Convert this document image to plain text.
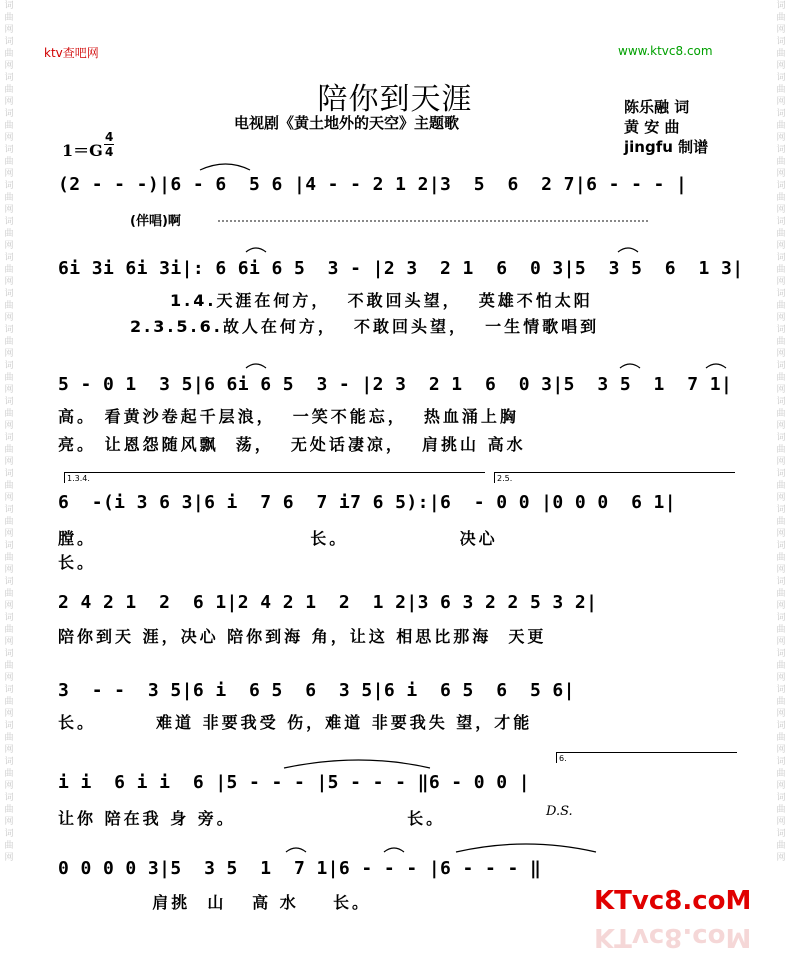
词曲网词曲网词曲网词曲网词曲网词曲网词曲网词曲网词曲网词曲网词曲网词曲网词曲网词曲网词曲网词曲网词曲网词曲网词曲网词曲网词曲网词曲网词曲网词曲网
词曲网词曲网词曲网词曲网词曲网词曲网词曲网词曲网词曲网词曲网词曲网词曲网词曲网词曲网词曲网词曲网词曲网词曲网词曲网词曲网词曲网词曲网词曲网词曲网
ktv查吧网	www.ktvc8.com
陪你到天涯
电视剧《黄土地外的天空》主题歌
陈乐融 词
黄 安 曲
jingfu 制谱
1＝G
4
4
(2 - - -)|6 - 6  5 6 |4 - - 2 1 2|3  5  6  2 7|6 - - - |
(伴唱)啊
6i 3i 6i 3i|: 6 6i 6 5  3 - |2 3  2 1  6  0 3|5  3 5  6  1 3|
1.4.天涯在何方，  不敢回头望，  英雄不怕太阳
2.3.5.6.故人在何方，  不敢回头望，  一生情歌唱到
5 - 0 1  3 5|6 6i 6 5  3 - |2 3  2 1  6  0 3|5  3 5  1  7 1|
高。 看黄沙卷起千层浪，  一笑不能忘，  热血涌上胸
亮。 让恩怨随风飘  荡，  无处话凄凉，  肩挑山 高水
1.3.4.	2.5.
6  -(i 3 6 3|6 i  7 6  7 i7 6 5):|6  - 0 0 |0 0 0  6 1|
膛。                         长。             决心
长。
2 4 2 1  2  6 1|2 4 2 1  2  1 2|3 6 3 2 2 5 3 2|
陪你到天 涯，决心 陪你到海 角，让这 相思比那海  天更
3  - -  3 5|6 i  6 5  6  3 5|6 i  6 5  6  5 6|
长。       难道 非要我受 伤，难道 非要我失 望，才能
6.
i i  6 i i  6 |5 - - - |5 - - - ‖6 - 0 0 |
让你 陪在我 身 旁。                    长。	D.S.
0 0 0 0 3|5  3 5  1  7 1|6 - - - |6 - - - ‖
肩挑  山   高 水    长。	KTvc8.coM
KTvc8.coM
